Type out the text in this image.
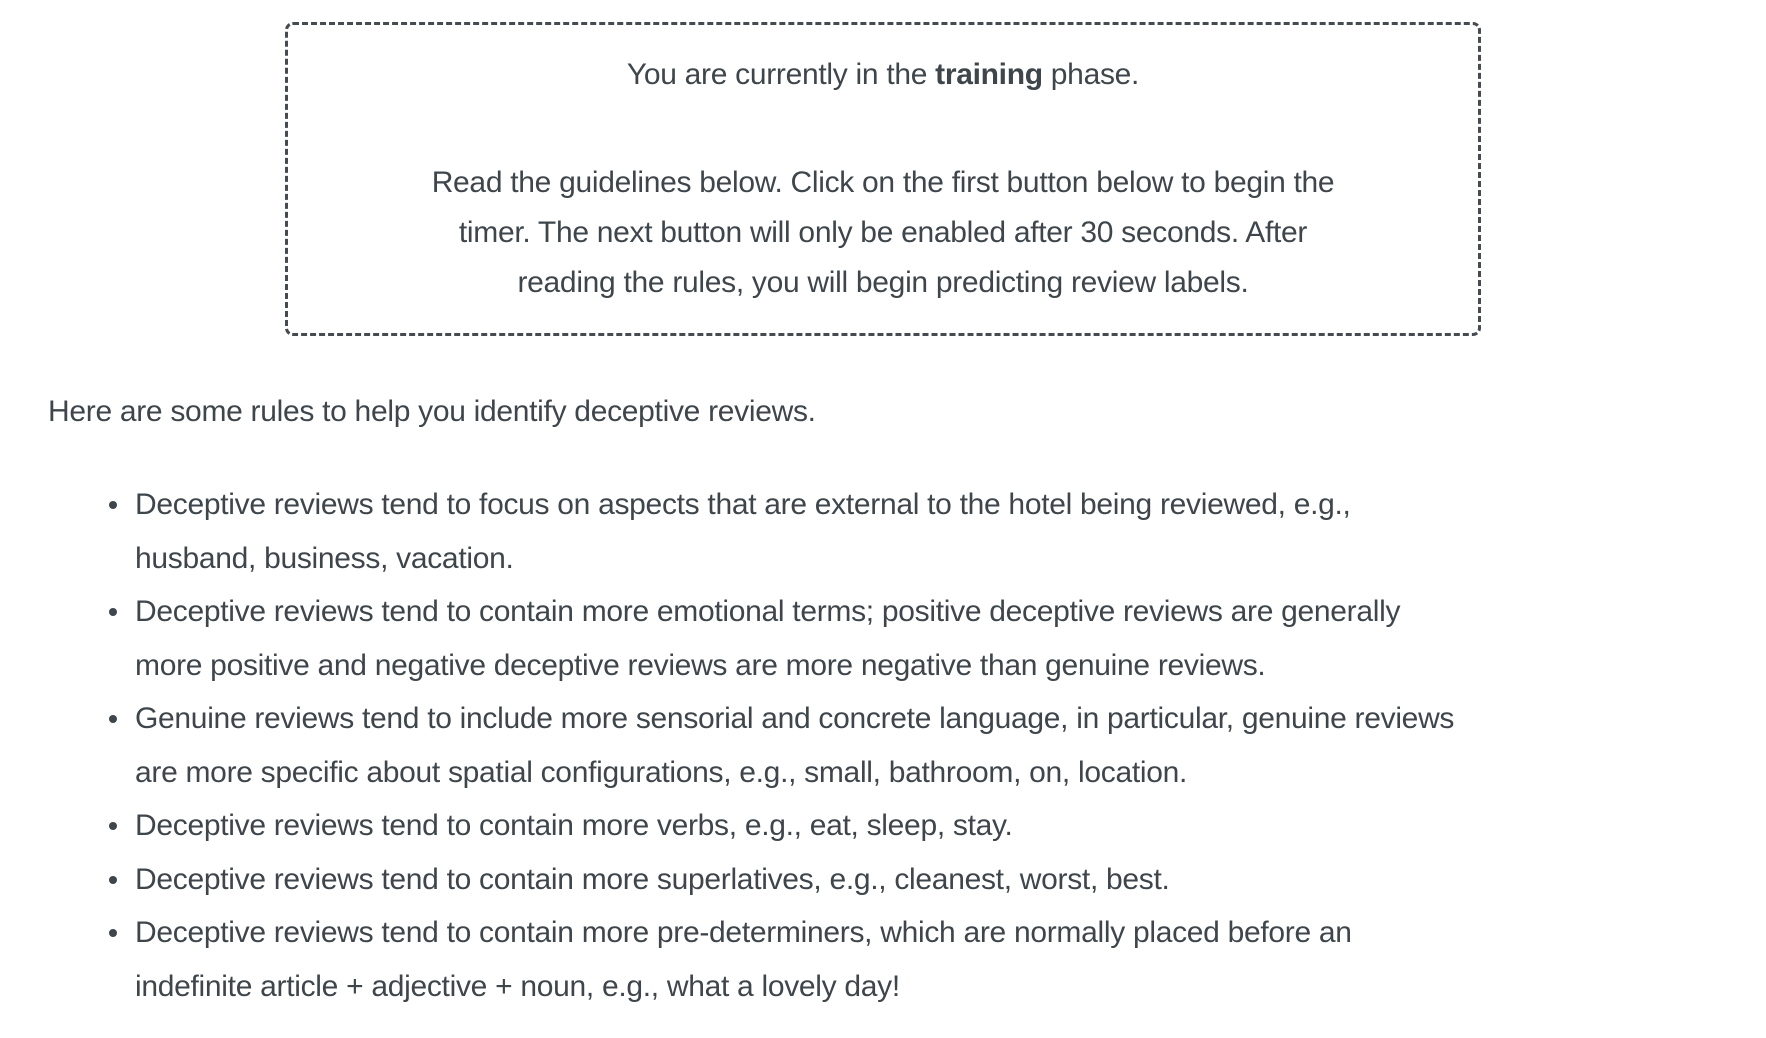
You are currently in the training phase.
Read the guidelines below. Click on the first button below to begin the
timer. The next button will only be enabled after 30 seconds. After
reading the rules, you will begin predicting review labels.
Here are some rules to help you identify deceptive reviews.
Deceptive reviews tend to focus on aspects that are external to the hotel being reviewed, e.g.,
husband, business, vacation.
Deceptive reviews tend to contain more emotional terms; positive deceptive reviews are generally
more positive and negative deceptive reviews are more negative than genuine reviews.
Genuine reviews tend to include more sensorial and concrete language, in particular, genuine reviews
are more specific about spatial configurations, e.g., small, bathroom, on, location.
Deceptive reviews tend to contain more verbs, e.g., eat, sleep, stay.
Deceptive reviews tend to contain more superlatives, e.g., cleanest, worst, best.
Deceptive reviews tend to contain more pre-determiners, which are normally placed before an
indefinite article + adjective + noun, e.g., what a lovely day!
